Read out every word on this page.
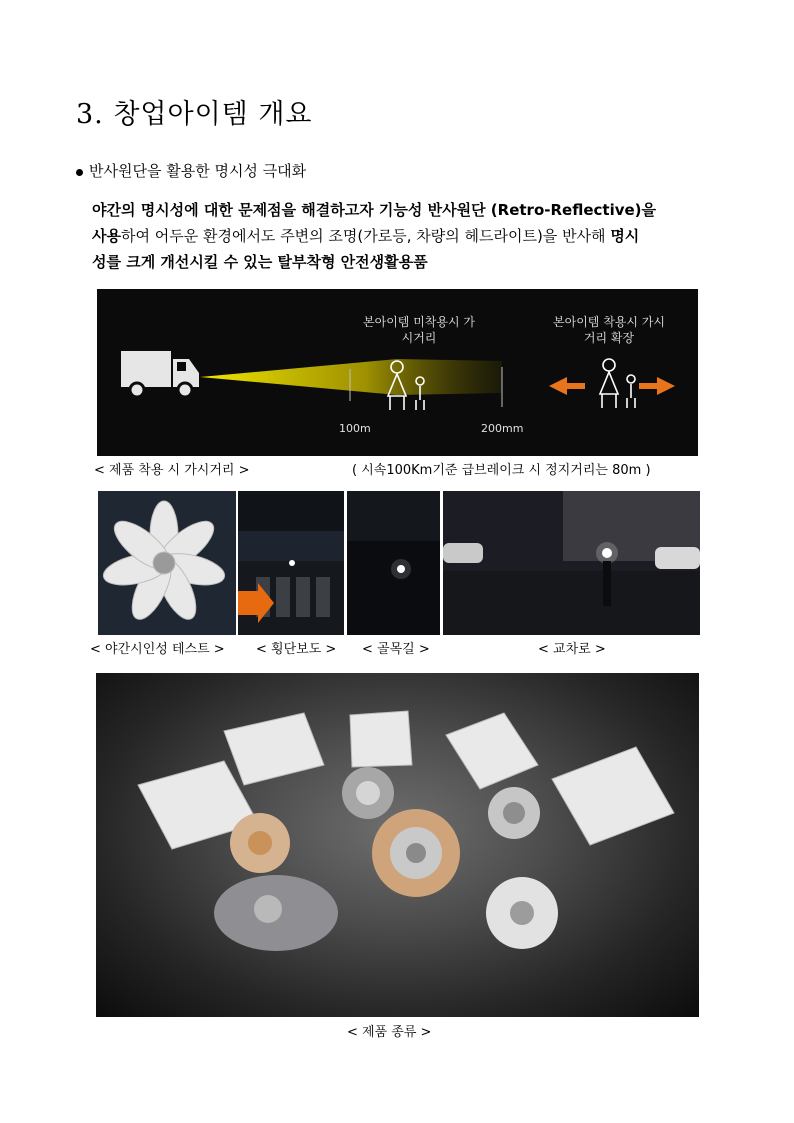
3. 창업아이템 개요
반사원단을 활용한 명시성 극대화
야간의 명시성에 대한 문제점을 해결하고자 기능성 반사원단 (Retro-Reflective)을
사용하여 어두운 환경에서도 주변의 조명(가로등, 차량의 헤드라이트)을 반사해 명시
성를 크게 개선시킬 수 있는 탈부착형 안전생활용품
본아이템 미착용시 가시거리
본아이템 착용시 가시거리 확장
100m	200mm
< 제품 착용 시 가시거리 >	( 시속100Km기준 급브레이크 시 정지거리는 80m )
< 야간시인성 테스트 > < 횡단보도 > < 골목길 >	< 교차로 >
< 제품 종류 >
